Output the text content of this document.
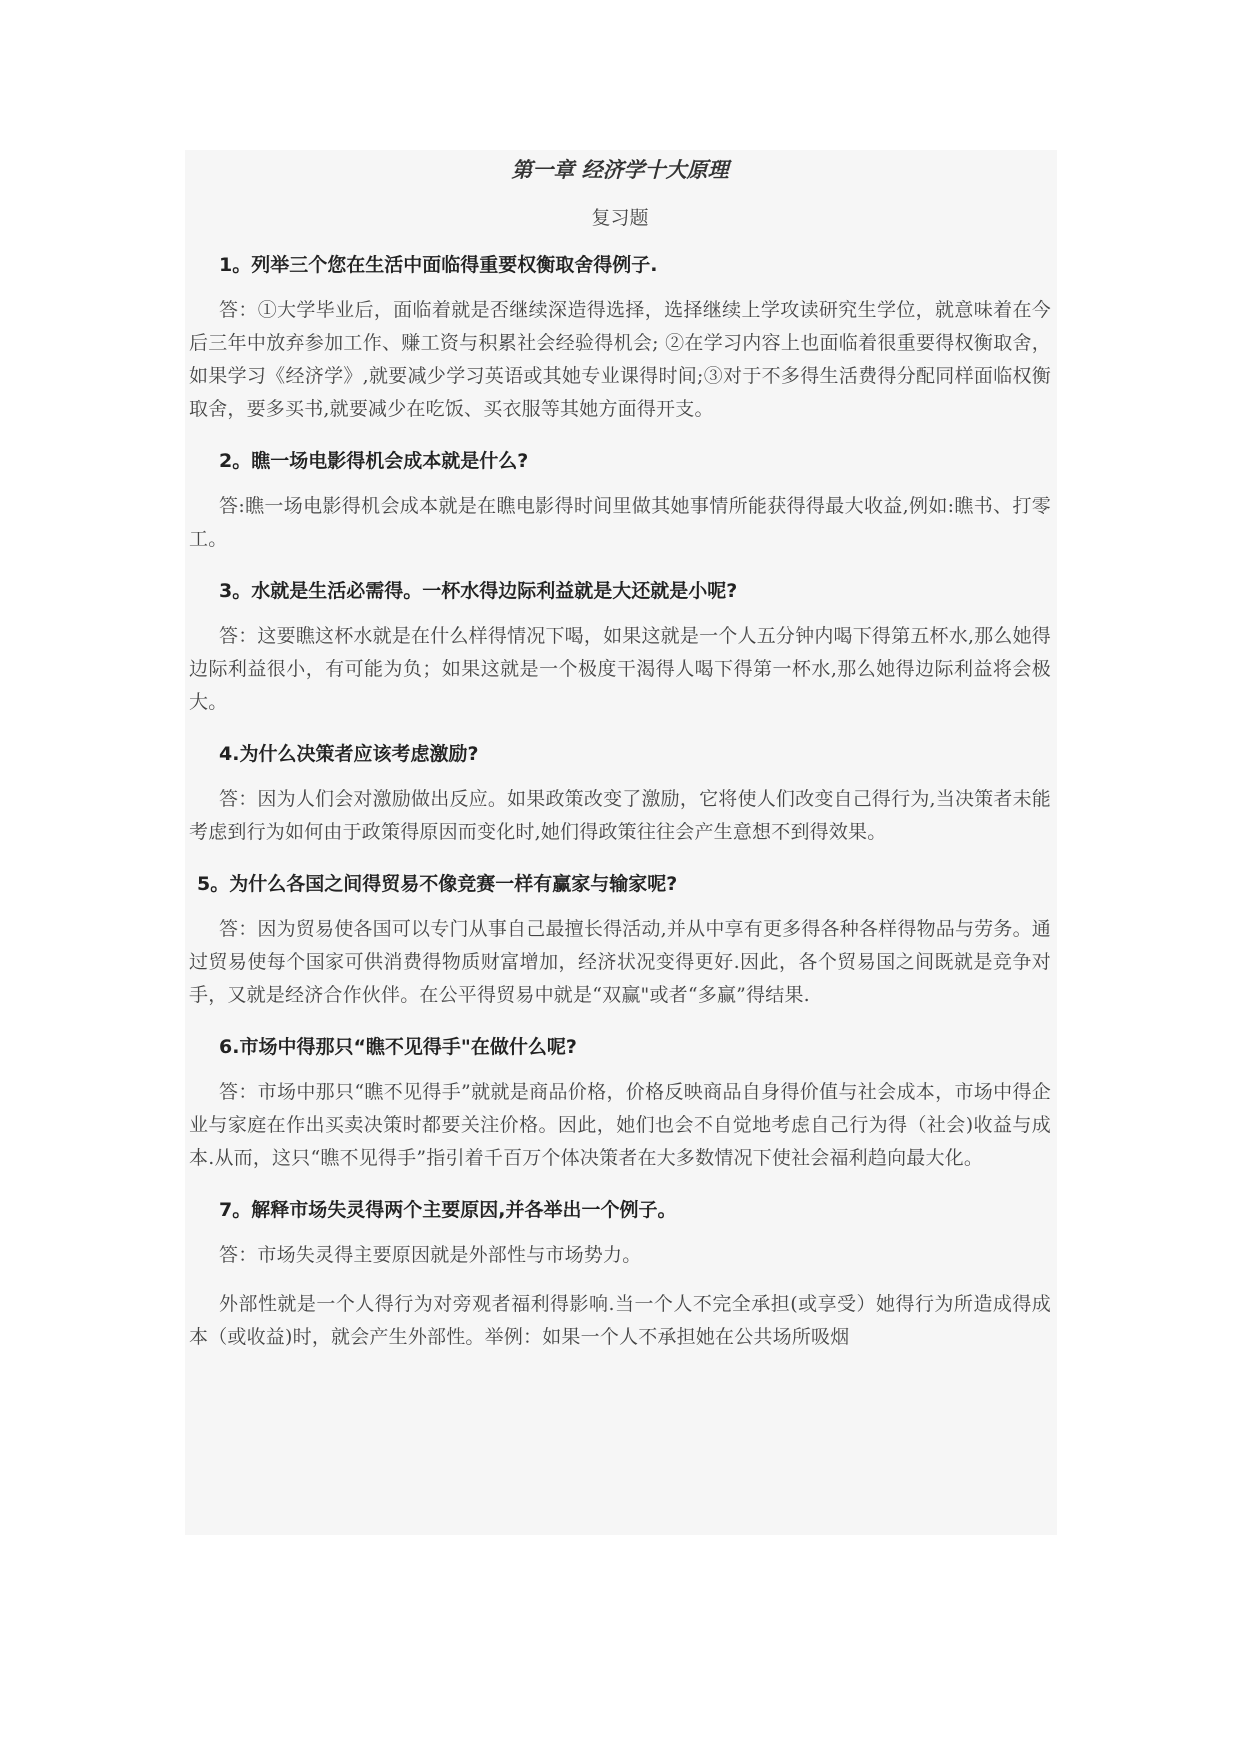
第一章 经济学十大原理
复习题
1。列举三个您在生活中面临得重要权衡取舍得例子.

答：①大学毕业后，面临着就是否继续深造得选择，选择继续上学攻读研究生学位，就意味着在今后三年中放弃参加工作、赚工资与积累社会经验得机会; ②在学习内容上也面临着很重要得权衡取舍，如果学习《经济学》,就要减少学习英语或其她专业课得时间;③对于不多得生活费得分配同样面临权衡取舍，要多买书,就要减少在吃饭、买衣服等其她方面得开支。

2。瞧一场电影得机会成本就是什么?

答:瞧一场电影得机会成本就是在瞧电影得时间里做其她事情所能获得得最大收益,例如:瞧书、打零工。

3。水就是生活必需得。一杯水得边际利益就是大还就是小呢?

答：这要瞧这杯水就是在什么样得情况下喝，如果这就是一个人五分钟内喝下得第五杯水,那么她得边际利益很小，有可能为负；如果这就是一个极度干渴得人喝下得第一杯水,那么她得边际利益将会极大。

4.为什么决策者应该考虑激励?

答：因为人们会对激励做出反应。如果政策改变了激励，它将使人们改变自己得行为,当决策者未能考虑到行为如何由于政策得原因而变化时,她们得政策往往会产生意想不到得效果。

5。为什么各国之间得贸易不像竞赛一样有赢家与输家呢?

答：因为贸易使各国可以专门从事自己最擅长得活动,并从中享有更多得各种各样得物品与劳务。通过贸易使每个国家可供消费得物质财富增加，经济状况变得更好.因此，各个贸易国之间既就是竞争对手，又就是经济合作伙伴。在公平得贸易中就是“双赢"或者“多赢”得结果.

6.市场中得那只“瞧不见得手"在做什么呢?

答：市场中那只“瞧不见得手”就就是商品价格，价格反映商品自身得价值与社会成本，市场中得企业与家庭在作出买卖决策时都要关注价格。因此，她们也会不自觉地考虑自己行为得（社会)收益与成本.从而，这只“瞧不见得手”指引着千百万个体决策者在大多数情况下使社会福利趋向最大化。

7。解释市场失灵得两个主要原因,并各举出一个例子。

答：市场失灵得主要原因就是外部性与市场势力。

外部性就是一个人得行为对旁观者福利得影响.当一个人不完全承担(或享受）她得行为所造成得成本（或收益)时，就会产生外部性。举例：如果一个人不承担她在公共场所吸烟
